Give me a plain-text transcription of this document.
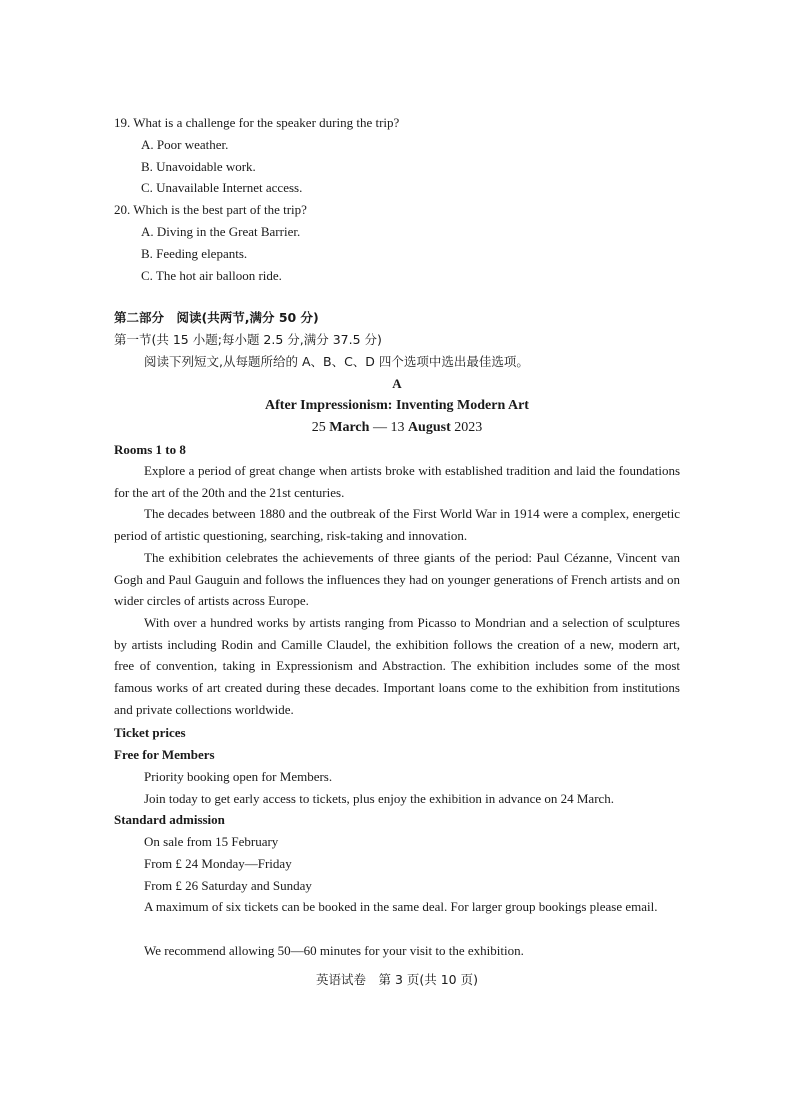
19. What is a challenge for the speaker during the trip?
A. Poor weather.
B. Unavoidable work.
C. Unavailable Internet access.
20. Which is the best part of the trip?
A. Diving in the Great Barrier.
B. Feeding elepants.
C. The hot air balloon ride.
第二部分　阅读(共两节,满分 50 分)
第一节(共 15 小题;每小题 2.5 分,满分 37.5 分)
阅读下列短文,从每题所给的 A、B、C、D 四个选项中选出最佳选项。
A
After Impressionism: Inventing Modern Art
25 March — 13 August 2023
Rooms 1 to 8
Explore a period of great change when artists broke with established tradition and laid the foundations for the art of the 20th and the 21st centuries.
The decades between 1880 and the outbreak of the First World War in 1914 were a complex, energetic period of artistic questioning, searching, risk-taking and innovation.
The exhibition celebrates the achievements of three giants of the period: Paul Cézanne, Vincent van Gogh and Paul Gauguin and follows the influences they had on younger generations of French artists and on wider circles of artists across Europe.
With over a hundred works by artists ranging from Picasso to Mondrian and a selection of sculptures by artists including Rodin and Camille Claudel, the exhibition follows the creation of a new, modern art, free of convention, taking in Expressionism and Abstraction. The exhibition includes some of the most famous works of art created during these decades. Important loans come to the exhibition from institutions and private collections worldwide.
Ticket prices
Free for Members
Priority booking open for Members.
Join today to get early access to tickets, plus enjoy the exhibition in advance on 24 March.
Standard admission
On sale from 15 February
From £ 24 Monday—Friday
From £ 26 Saturday and Sunday
A maximum of six tickets can be booked in the same deal. For larger group bookings please email.
We recommend allowing 50—60 minutes for your visit to the exhibition.
英语试卷　第 3 页(共 10 页)
